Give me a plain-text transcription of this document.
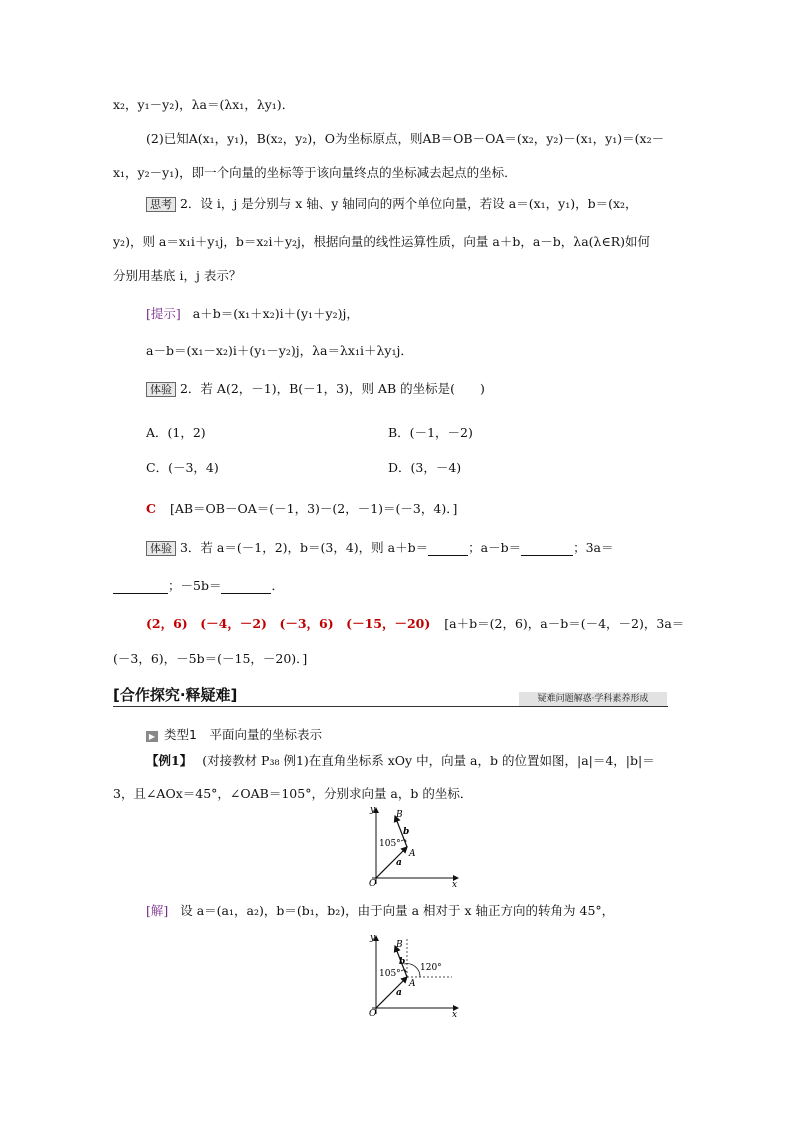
x₂，y₁－y₂)，λa＝(λx₁，λy₁)．
(2)已知A(x₁，y₁)，B(x₂，y₂)，O为坐标原点，则AB＝OB－OA＝(x₂，y₂)－(x₁，y₁)＝(x₂－
x₁，y₂－y₁)，即一个向量的坐标等于该向量终点的坐标减去起点的坐标．
思考 2．设 i，j 是分别与 x 轴、y 轴同向的两个单位向量，若设 a＝(x₁，y₁)，b＝(x₂，
y₂)，则 a＝x₁i＋y₁j，b＝x₂i＋y₂j，根据向量的线性运算性质，向量 a＋b，a－b，λa(λ∈R)如何
分别用基底 i，j 表示？
[提示] a＋b＝(x₁＋x₂)i＋(y₁＋y₂)j，
a－b＝(x₁－x₂)i＋(y₁－y₂)j，λa＝λx₁i＋λy₁j．
体验 2．若 A(2，－1)，B(－1，3)，则 AB 的坐标是(　　)
A．(1，2)	B．(－1，－2)
C．(－3，4)	D．(3，－4)
C [AB＝OB－OA＝(－1，3)－(2，－1)＝(－3，4)．]
体验 3．若 a＝(－1，2)，b＝(3，4)，则 a＋b＝	；a－b＝	；3a＝
；－5b＝	．
(2，6)　(－4，－2)　(－3，6)　(－15，－20) [a＋b＝(2，6)，a－b＝(－4，－2)，3a＝
(－3，6)，－5b＝(－15，－20)．]
[合作探究·释疑难]	疑难问题解惑·学科素养形成
▶ 类型1　平面向量的坐标表示
【例1】 (对接教材 P₃₈ 例1)在直角坐标系 xOy 中，向量 a，b 的位置如图，|a|＝4，|b|＝
3，且∠AOx＝45°，∠OAB＝105°，分别求向量 a，b 的坐标．
y
x
O
B
A
b
a
105°
[解] 设 a＝(a₁，a₂)，b＝(b₁，b₂)，由于向量 a 相对于 x 轴正方向的转角为 45°，
y
x
O
B
A
b
a
105°
120°
